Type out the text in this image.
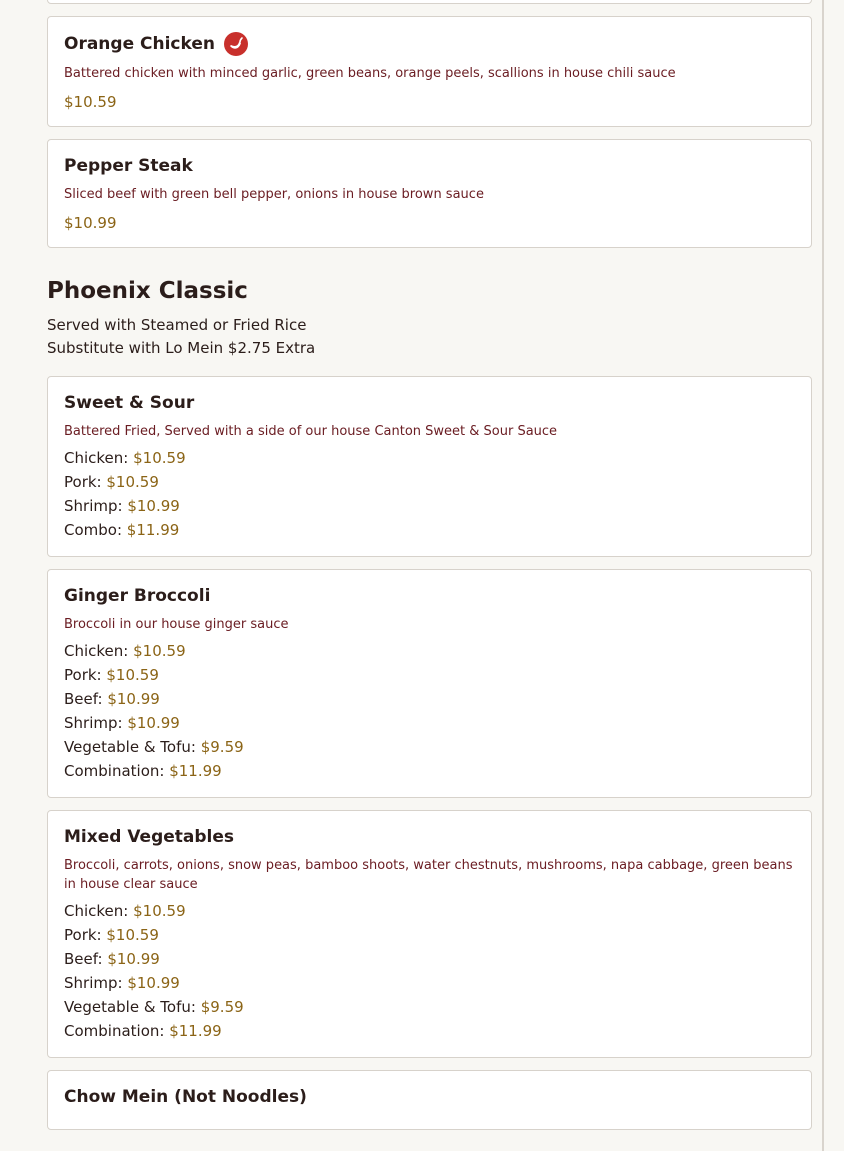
Orange Chicken
Battered chicken with minced garlic, green beans, orange peels, scallions in house chili sauce
$10.59
Pepper Steak
Sliced beef with green bell pepper, onions in house brown sauce
$10.99
Phoenix Classic
Served with Steamed or Fried Rice
Substitute with Lo Mein $2.75 Extra
Sweet & Sour
Battered Fried, Served with a side of our house Canton Sweet & Sour Sauce
Chicken: $10.59
Pork: $10.59
Shrimp: $10.99
Combo: $11.99
Ginger Broccoli
Broccoli in our house ginger sauce
Chicken: $10.59
Pork: $10.59
Beef: $10.99
Shrimp: $10.99
Vegetable & Tofu: $9.59
Combination: $11.99
Mixed Vegetables
Broccoli, carrots, onions, snow peas, bamboo shoots, water chestnuts, mushrooms, napa cabbage, green beans in house clear sauce
Chicken: $10.59
Pork: $10.59
Beef: $10.99
Shrimp: $10.99
Vegetable & Tofu: $9.59
Combination: $11.99
Chow Mein (Not Noodles)
